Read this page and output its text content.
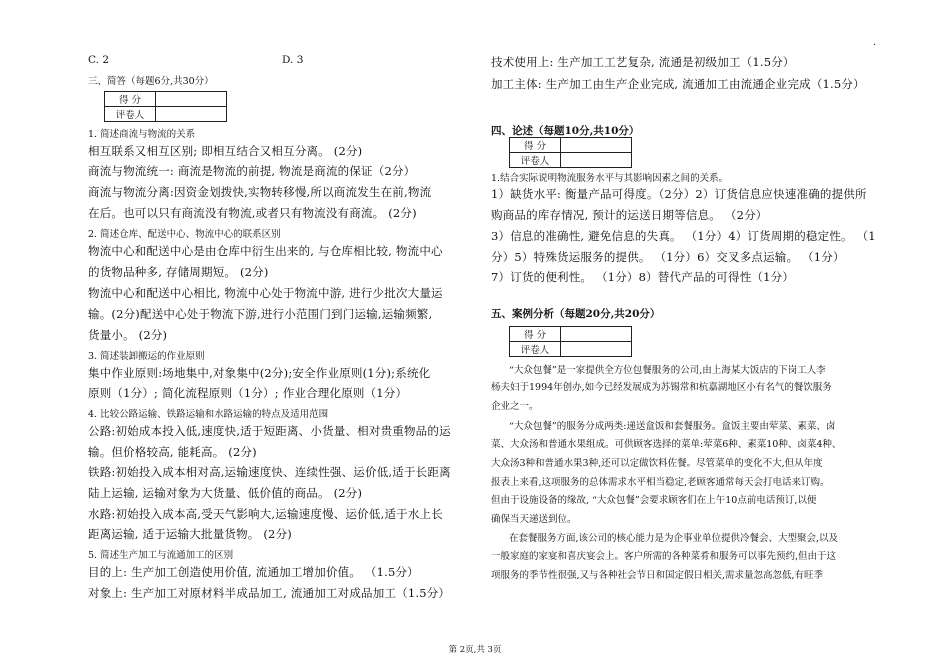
.
C. 2	D. 3
三、简答（每题6分,共30分）
得 分	
评卷人	
1. 简述商流与物流的关系
相互联系又相互区别; 即相互结合又相互分离。 (2分)
商流与物流统一: 商流是物流的前提, 物流是商流的保证（2分）
商流与物流分离:因资金划拨快,实物转移慢,所以商流发生在前,物流
在后。也可以只有商流没有物流,或者只有物流没有商流。 (2分)
2. 简述仓库、配送中心、物流中心的联系区别
物流中心和配送中心是由仓库中衍生出来的, 与仓库相比较, 物流中心
的货物品种多, 存储周期短。 (2分)
物流中心和配送中心相比, 物流中心处于物流中游, 进行少批次大量运
输。(2分)配送中心处于物流下游,进行小范围门到门运输,运输频繁,
货量小。 (2分)
3. 简述装卸搬运的作业原则
集中作业原则:场地集中,对象集中(2分);安全作业原则(1分);系统化
原则（1分）; 简化流程原则（1分）; 作业合理化原则（1分）
4. 比较公路运输、铁路运输和水路运输的特点及适用范围
公路:初始成本投入低,速度快,适于短距离、小货量、相对贵重物品的运
输。但价格较高, 能耗高。 (2分)
铁路:初始投入成本相对高,运输速度快、连续性强、运价低,适于长距离
陆上运输, 运输对象为大货量、低价值的商品。 (2分)
水路:初始投入成本高,受天气影响大,运输速度慢、运价低,适于水上长
距离运输, 适于运输大批量货物。 (2分)
5. 简述生产加工与流通加工的区别
目的上: 生产加工创造使用价值, 流通加工增加价值。 （1.5分）
对象上: 生产加工对原材料半成品加工, 流通加工对成品加工（1.5分）
技术使用上: 生产加工工艺复杂, 流通是初级加工（1.5分）
加工主体: 生产加工由生产企业完成, 流通加工由流通企业完成（1.5分）
四、论述（每题10分,共10分）
得 分	
评卷人	
1.结合实际说明物流服务水平与其影响因素之间的关系。
1）缺货水平: 衡量产品可得度。（2分）2）订货信息应快速准确的提供所
购商品的库存情况, 预计的运送日期等信息。 （2分）
3）信息的准确性, 避免信息的失真。 （1分）4）订货周期的稳定性。 （1
分）5）特殊货运服务的提供。 （1分）6）交叉多点运输。 （1分）
7）订货的便利性。 （1分）8）替代产品的可得性（1分）
五、案例分析（每题20分,共20分）
得 分	
评卷人	
“大众包餐”是一家提供全方位包餐服务的公司,由上海某大饭店的下岗工人李
杨夫妇于1994年创办,如今已经发展成为苏锡常和杭嘉湖地区小有名气的餐饮服务
企业之一。
“大众包餐”的服务分成两类:递送盒饭和套餐服务。盒饭主要由荤菜、素菜、卤
菜、大众汤和普通水果组成。可供顾客选择的菜单:荤菜6种、素菜10种、卤菜4种、
大众汤3种和普通水果3种,还可以定做饮料佐餐。尽管菜单的变化不大,但从年度
报表上来看,这项服务的总体需求水平相当稳定,老顾客通常每天会打电话来订购。
但由于设施设备的缘故, “大众包餐”会要求顾客们在上午10点前电话预订,以便
确保当天递送到位。
在套餐服务方面,该公司的核心能力是为企事业单位提供冷餐会、大型聚会,以及
一般家庭的家宴和喜庆宴会上。客户所需的各种菜肴和服务可以事先预约,但由于这
项服务的季节性很强,又与各种社会节日和国定假日相关,需求量忽高忽低,有旺季
第 2页,共 3页
